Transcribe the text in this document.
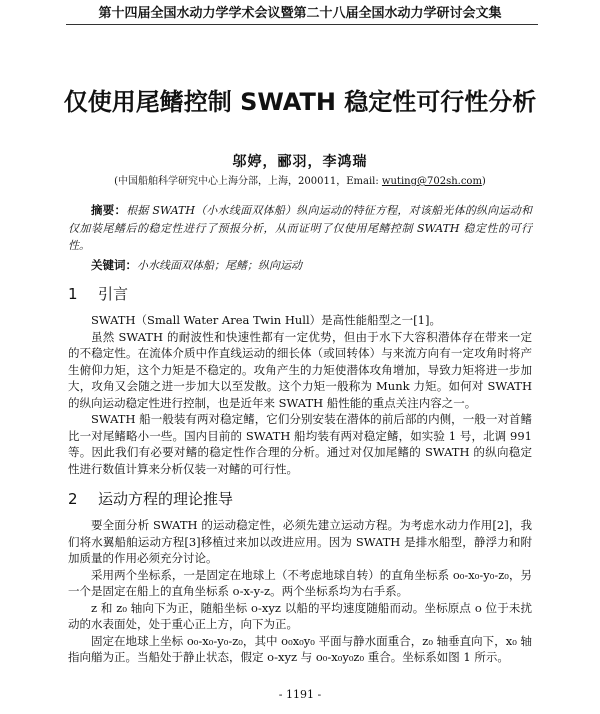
第十四届全国水动力学学术会议暨第二十八届全国水动力学研讨会文集
仅使用尾鳍控制 SWATH 稳定性可行性分析
邬婷，郦羽，李鸿瑞
(中国船舶科学研究中心上海分部，上海，200011，Email: wuting@702sh.com)
摘要：根据 SWATH（小水线面双体船）纵向运动的特征方程，对该船光体的纵向运动和仅加装尾鳍后的稳定性进行了预报分析，从而证明了仅使用尾鳍控制 SWATH 稳定性的可行性。
关键词：小水线面双体船；尾鳍；纵向运动
1 引言
SWATH（Small Water Area Twin Hull）是高性能船型之一[1]。
虽然 SWATH 的耐波性和快速性都有一定优势，但由于水下大容积潜体存在带来一定的不稳定性。在流体介质中作直线运动的细长体（或回转体）与来流方向有一定攻角时将产生俯仰力矩，这个力矩是不稳定的。攻角产生的力矩使潜体攻角增加，导致力矩将进一步加大，攻角又会随之进一步加大以至发散。这个力矩一般称为 Munk 力矩。如何对 SWATH 的纵向运动稳定性进行控制，也是近年来 SWATH 船性能的重点关注内容之一。
SWATH 船一般装有两对稳定鳍，它们分别安装在潜体的前后部的内侧，一般一对首鳍比一对尾鳍略小一些。国内目前的 SWATH 船均装有两对稳定鳍，如实验 1 号，北调 991 等。因此我们有必要对鳍的稳定性作合理的分析。通过对仅加尾鳍的 SWATH 的纵向稳定性进行数值计算来分析仅装一对鳍的可行性。
2 运动方程的理论推导
要全面分析 SWATH 的运动稳定性，必须先建立运动方程。为考虑水动力作用[2]，我们将水翼船舶运动方程[3]移植过来加以改进应用。因为 SWATH 是排水船型，静浮力和附加质量的作用必须充分讨论。
采用两个坐标系，一是固定在地球上（不考虑地球自转）的直角坐标系 o₀-x₀-y₀-z₀，另一个是固定在船上的直角坐标系 o-x-y-z。两个坐标系均为右手系。
z 和 z₀ 轴向下为正，随船坐标 o-xyz 以船的平均速度随船而动。坐标原点 o 位于未扰动的水表面处，处于重心正上方，向下为正。
固定在地球上坐标 o₀-x₀-y₀-z₀，其中 o₀x₀y₀ 平面与静水面重合，z₀ 轴垂直向下，x₀ 轴指向艏为正。当船处于静止状态，假定 o-xyz 与 o₀-x₀y₀z₀ 重合。坐标系如图 1 所示。
- 1191 -
